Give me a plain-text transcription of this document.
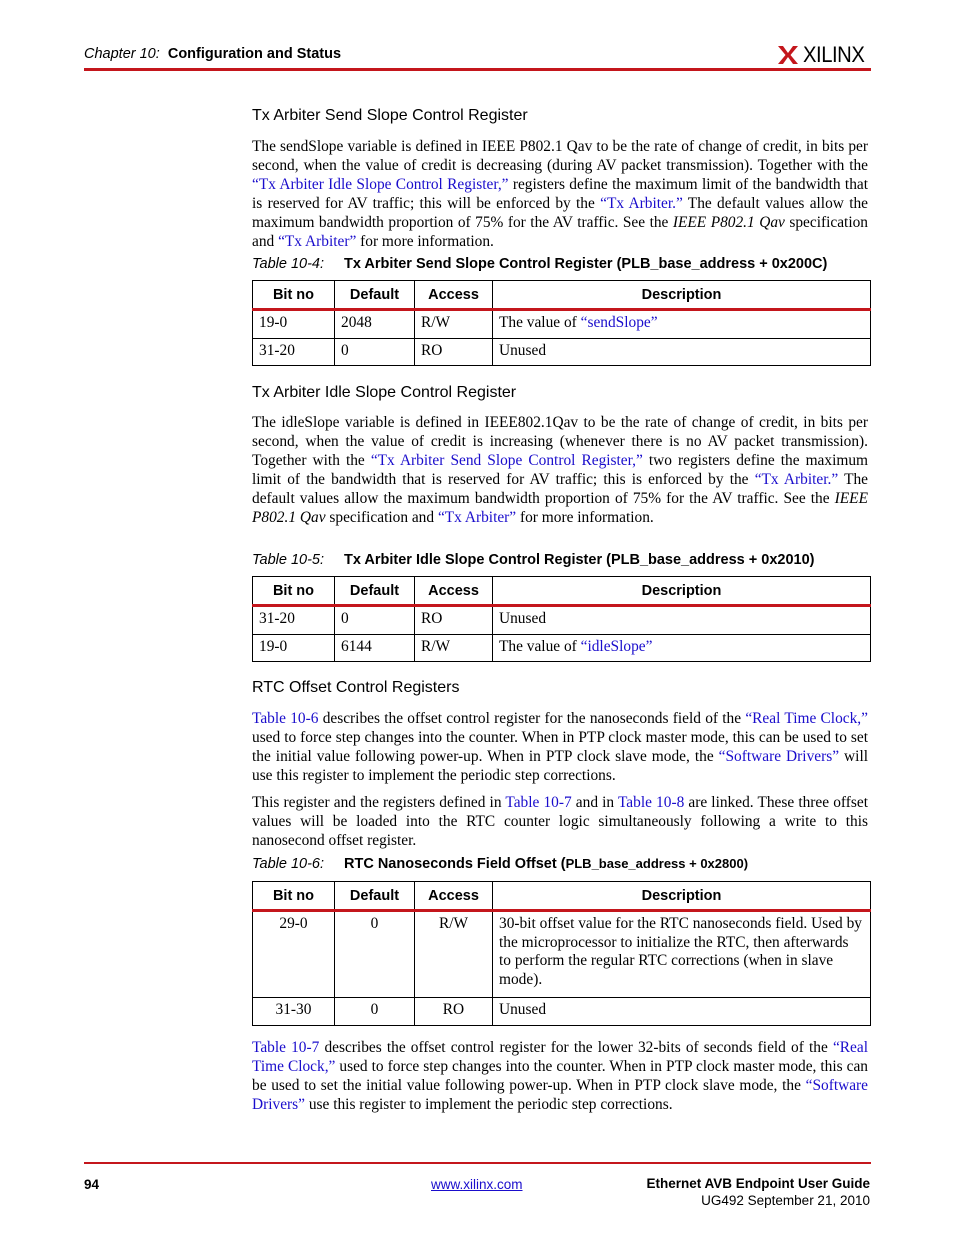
Chapter 10: Configuration and Status	XILINX
Tx Arbiter Send Slope Control Register
The sendSlope variable is defined in IEEE P802.1 Qav to be the rate of change of credit, in bits per second, when the value of credit is decreasing (during AV packet transmission). Together with the “Tx Arbiter Idle Slope Control Register,” registers define the maximum limit of the bandwidth that is reserved for AV traffic; this will be enforced by the “Tx Arbiter.” The default values allow the maximum bandwidth proportion of 75% for the AV traffic. See the IEEE P802.1 Qav specification and “Tx Arbiter” for more information.
Table 10-4: Tx Arbiter Send Slope Control Register (PLB_base_address + 0x200C)
Bit no	Default	Access	Description
19-0	2048	R/W	The value of “sendSlope”
31-20	0	RO	Unused
Tx Arbiter Idle Slope Control Register
The idleSlope variable is defined in IEEE802.1Qav to be the rate of change of credit, in bits per second, when the value of credit is increasing (whenever there is no AV packet transmission). Together with the “Tx Arbiter Send Slope Control Register,” two registers define the maximum limit of the bandwidth that is reserved for AV traffic; this is enforced by the “Tx Arbiter.” The default values allow the maximum bandwidth proportion of 75% for the AV traffic. See the IEEE P802.1 Qav specification and “Tx Arbiter” for more information.
Table 10-5: Tx Arbiter Idle Slope Control Register (PLB_base_address + 0x2010)
Bit no	Default	Access	Description
31-20	0	RO	Unused
19-0	6144	R/W	The value of “idleSlope”
RTC Offset Control Registers
Table 10-6 describes the offset control register for the nanoseconds field of the “Real Time Clock,” used to force step changes into the counter. When in PTP clock master mode, this can be used to set the initial value following power-up. When in PTP clock slave mode, the “Software Drivers” will use this register to implement the periodic step corrections.
This register and the registers defined in Table 10-7 and in Table 10-8 are linked. These three offset values will be loaded into the RTC counter logic simultaneously following a write to this nanosecond offset register.
Table 10-6: RTC Nanoseconds Field Offset (PLB_base_address + 0x2800)
Bit no	Default	Access	Description
29-0	0	R/W	30-bit offset value for the RTC nanoseconds field. Used by the microprocessor to initialize the RTC, then afterwards to perform the regular RTC corrections (when in slave mode).
31-30	0	RO	Unused
Table 10-7 describes the offset control register for the lower 32-bits of seconds field of the “Real Time Clock,” used to force step changes into the counter. When in PTP clock master mode, this can be used to set the initial value following power-up. When in PTP clock slave mode, the “Software Drivers” use this register to implement the periodic step corrections.
94	www.xilinx.com	Ethernet AVB Endpoint User Guide
UG492 September 21, 2010
